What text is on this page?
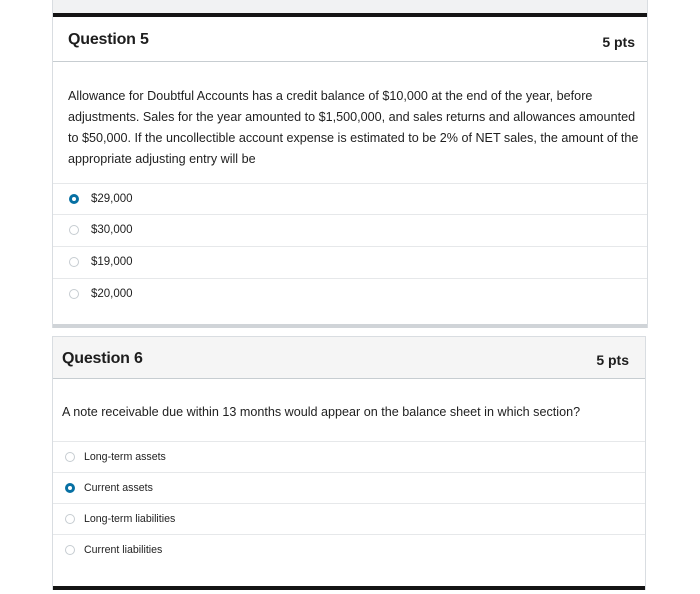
Question 5	5 pts
Allowance for Doubtful Accounts has a credit balance of $10,000 at the end of the year, before adjustments. Sales for the year amounted to $1,500,000, and sales returns and allowances amounted to $50,000. If the uncollectible account expense is estimated to be 2% of NET sales, the amount of the appropriate adjusting entry will be
$29,000
$30,000
$19,000
$20,000
Question 6	5 pts
A note receivable due within 13 months would appear on the balance sheet in which section?
Long-term assets
Current assets
Long-term liabilities
Current liabilities
